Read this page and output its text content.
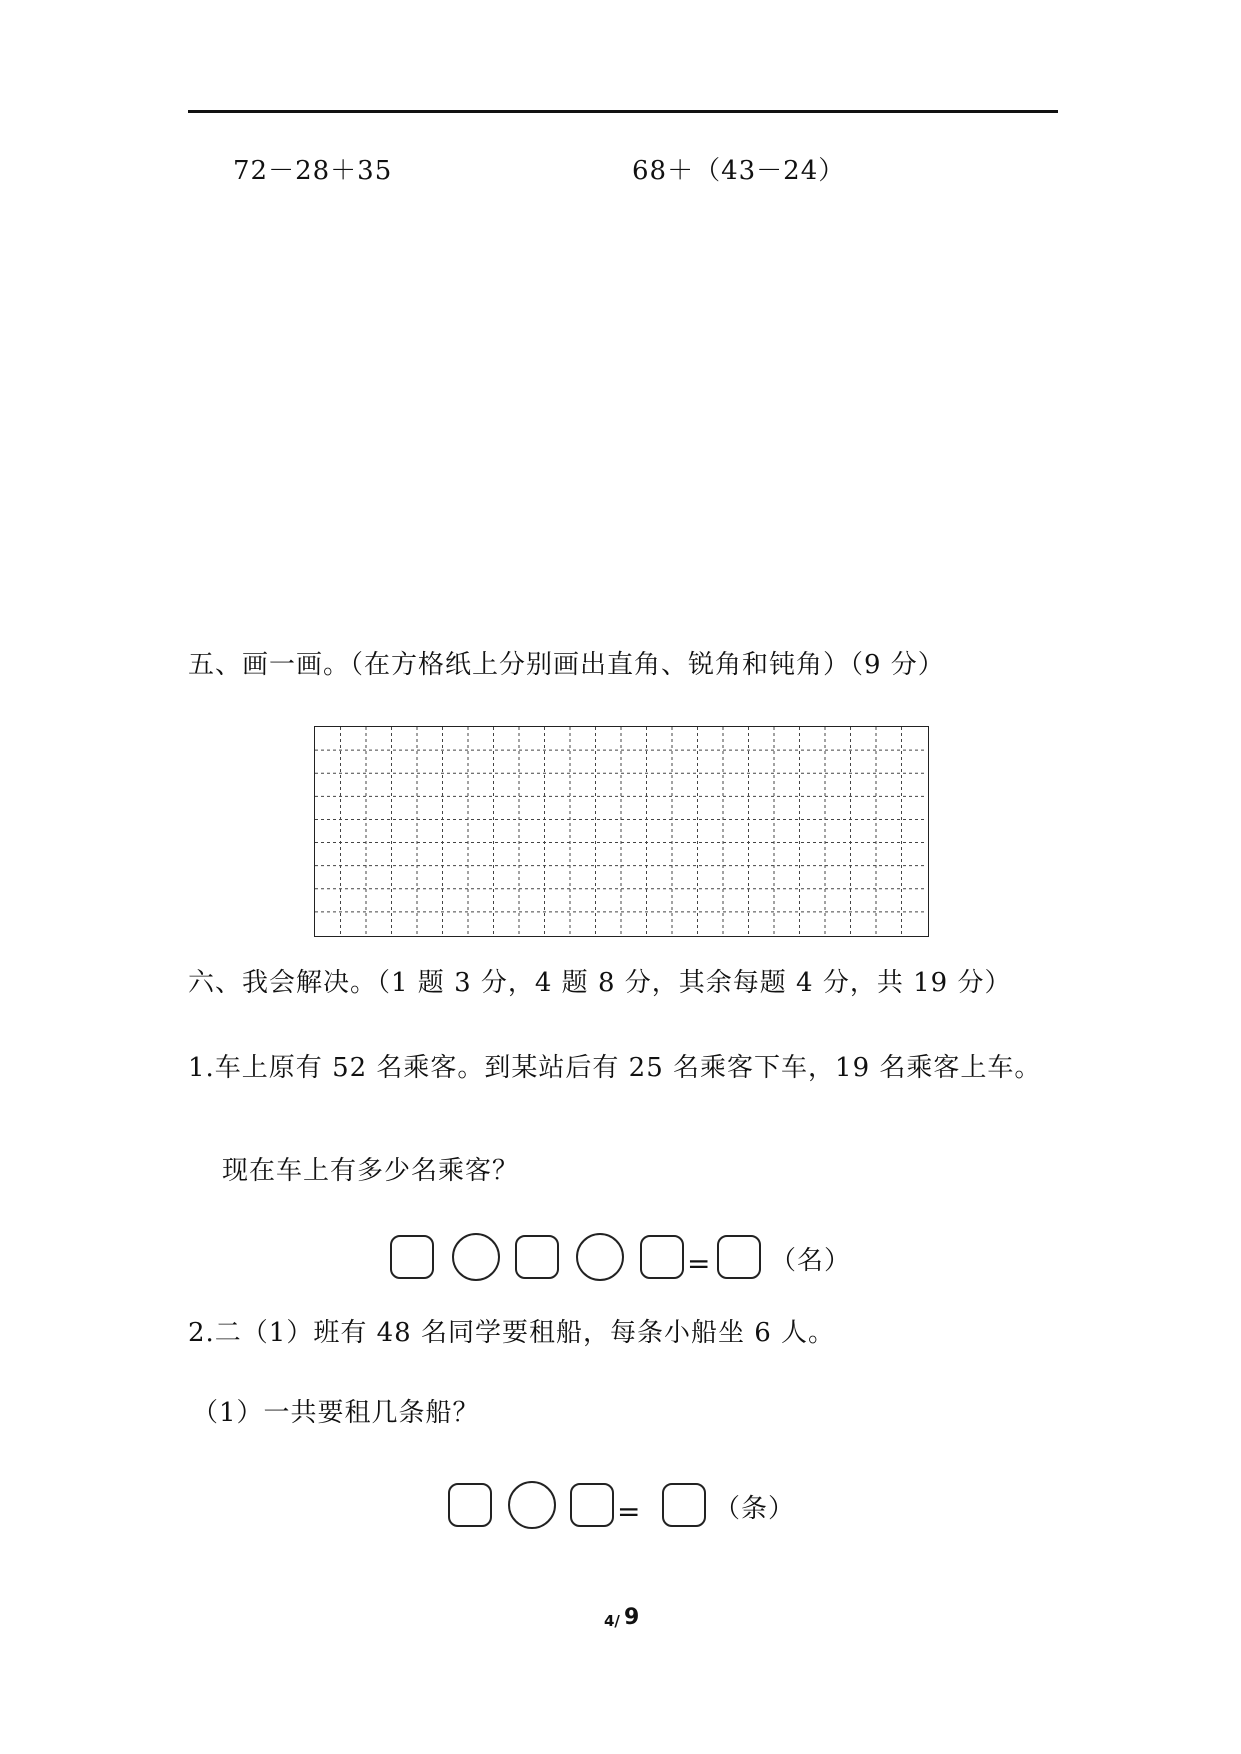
72－28＋35	68＋（43－24）
五、画一画。（在方格纸上分别画出直角、锐角和钝角）（9 分）
六、我会解决。（1 题 3 分，4 题 8 分，其余每题 4 分，共 19 分）
1.车上原有 52 名乘客。到某站后有 25 名乘客下车，19 名乘客上车。
现在车上有多少名乘客？
= （名）
2.二（1）班有 48 名同学要租船，每条小船坐 6 人。
（1）一共要租几条船？
=	（条）
4/ 9
